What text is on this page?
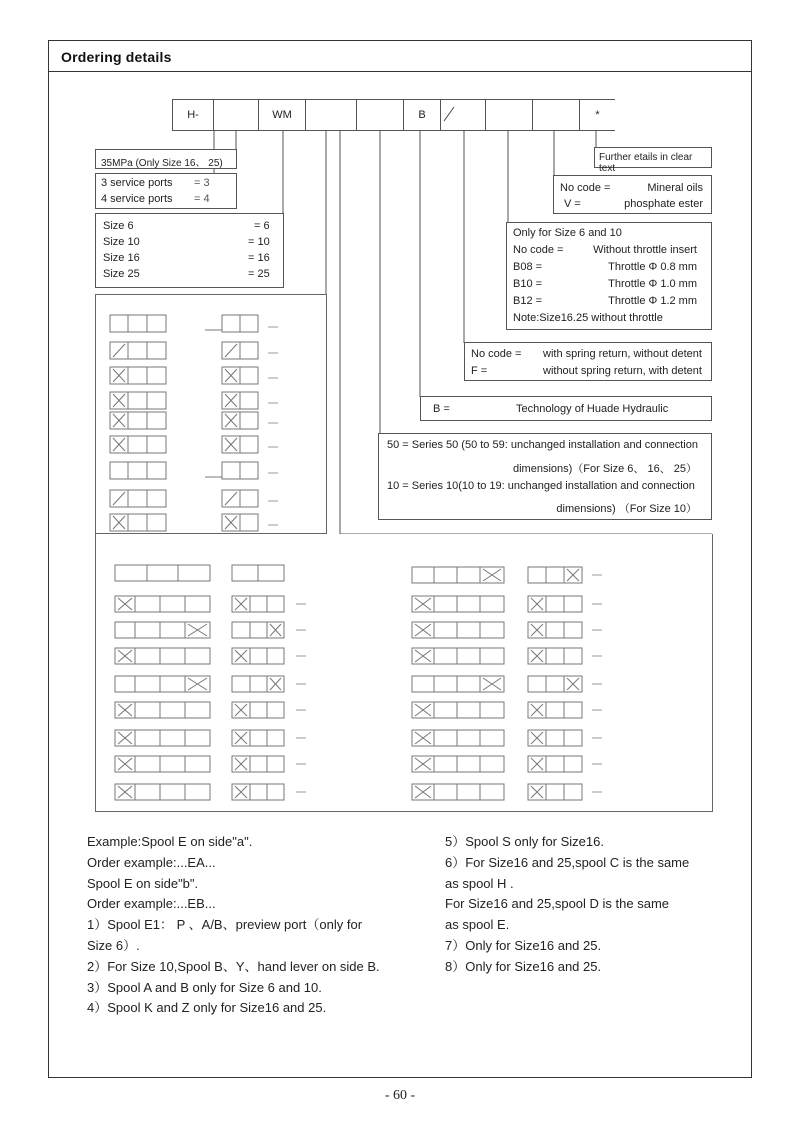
Ordering details
H-	WM	B	*
35MPa (Only Size 16、 25)
3 service ports = 3
4 service ports = 4
Size 6	= 6
Size 10	= 10
Size 16	= 16
Size 25	= 25
Further etails in clear text
No code =	Mineral oils
V =	phosphate ester
Only for Size 6 and 10
No code =	Without throttle insert
B08 =	Throttle Φ 0.8 mm
B10 =	Throttle Φ 1.0 mm
B12 =	Throttle Φ 1.2 mm
Note:Size16.25 without throttle
No code = with spring return, without detent
F =	without spring return, with detent
B =	Technology of Huade Hydraulic
50 = Series 50 (50 to 59: unchanged installation and connection
dimensions)（For Size 6、 16、 25）
10 = Series 10(10 to 19: unchanged installation and connection
dimensions) （For Size 10）
Example:Spool E on side"a".
Order example:...EA...
Spool E on side"b".
Order example:...EB...
1）Spool E1： P 、A/B、preview port（only for
Size 6）.
2）For Size 10,Spool B、Y、hand lever on side B.
3）Spool A and B only for Size 6 and 10.
4）Spool K and Z only for Size16 and 25.
5）Spool S only for Size16.
6）For Size16 and 25,spool C is the same
as spool H .
For Size16 and 25,spool D is the same
as spool E.
7）Only for Size16 and 25.
8）Only for Size16 and 25.
- 60 -
